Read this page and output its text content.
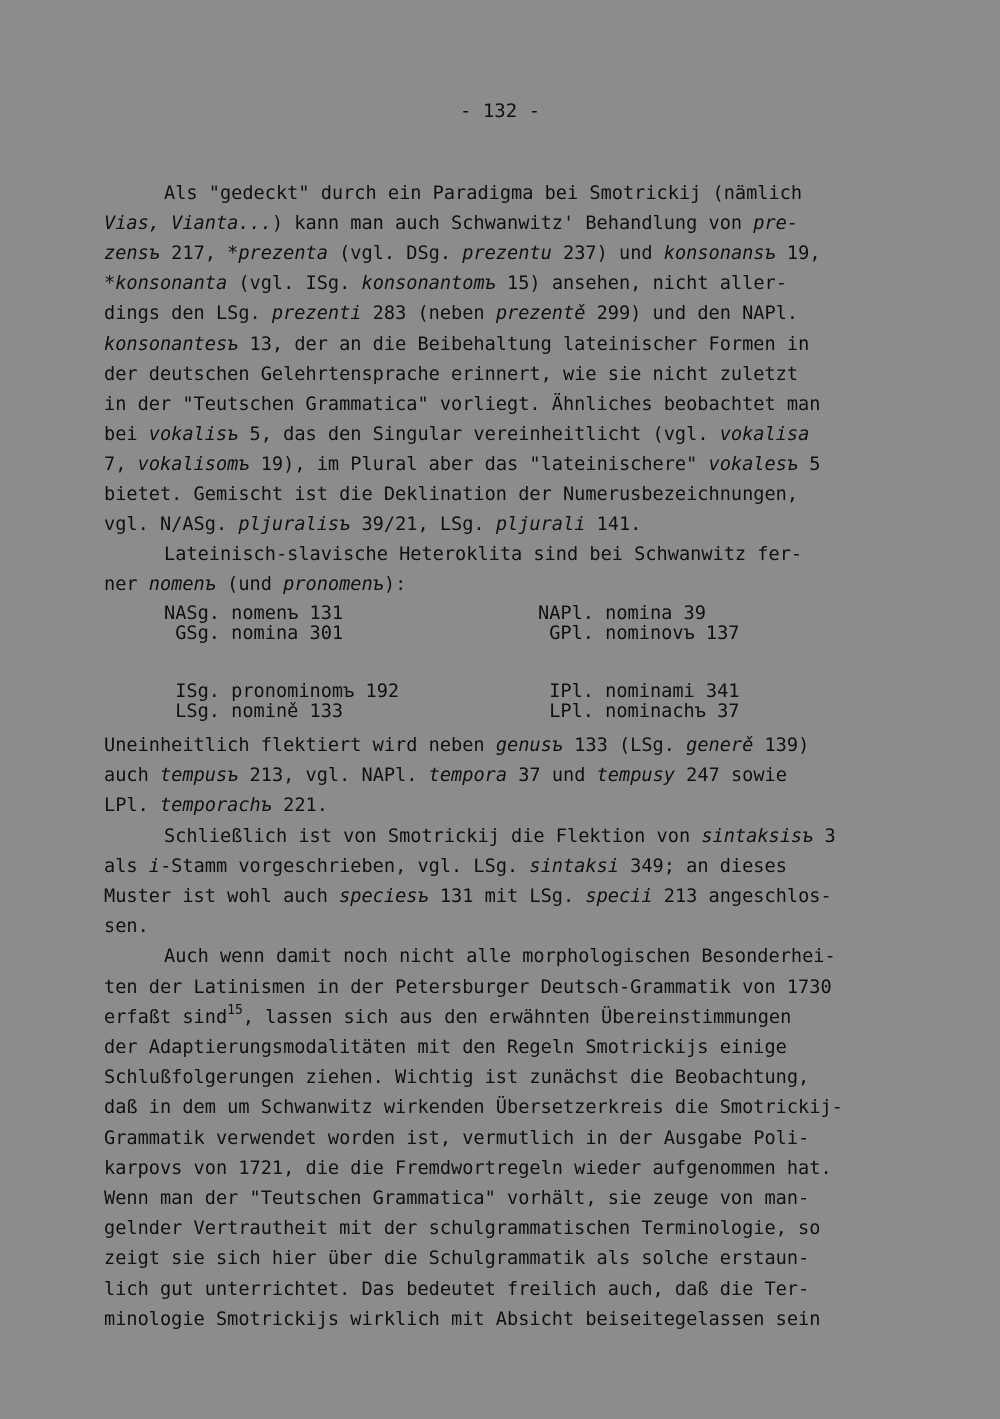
- 132 -
Als "gedeckt" durch ein Paradigma bei Smotrickij (nämlich
Vias, Vianta...) kann man auch Schwanwitz' Behandlung von pre-
zensъ 217, *prezenta (vgl. DSg. prezentu 237) und konsonansъ 19,
*konsonanta (vgl. ISg. konsonantomъ 15) ansehen, nicht aller-
dings den LSg. prezenti 283 (neben prezentě 299) und den NAPl.
konsonantesъ 13, der an die Beibehaltung lateinischer Formen in
der deutschen Gelehrtensprache erinnert, wie sie nicht zuletzt
in der "Teutschen Grammatica" vorliegt. Ähnliches beobachtet man
bei vokalisъ 5, das den Singular vereinheitlicht (vgl. vokalisa
7, vokalisomъ 19), im Plural aber das "lateinischere" vokalesъ 5
bietet. Gemischt ist die Deklination der Numerusbezeichnungen,
vgl. N/ASg. pljuralisъ 39/21, LSg. pljurali 141.
Lateinisch-slavische Heteroklita sind bei Schwanwitz fer-
ner nomenъ (und pronomenъ):
NASg. nomenъ 131
GSg. nomina 301

ISg. pronominomъ 192
LSg. nomině 133
NAPl. nomina 39
GPl. nominovъ 137

IPl. nominami 341
LPl. nominachъ 37
Uneinheitlich flektiert wird neben genusъ 133 (LSg. generě 139)
auch tempusъ 213, vgl. NAPl. tempora 37 und tempusy 247 sowie
LPl. temporachъ 221.
Schließlich ist von Smotrickij die Flektion von sintaksisъ 3
als i-Stamm vorgeschrieben, vgl. LSg. sintaksi 349; an dieses
Muster ist wohl auch speciesъ 131 mit LSg. specii 213 angeschlos-
sen.
Auch wenn damit noch nicht alle morphologischen Besonderhei-
ten der Latinismen in der Petersburger Deutsch-Grammatik von 1730
erfaßt sind$^{15}$, lassen sich aus den erwähnten Übereinstimmungen
der Adaptierungsmodalitäten mit den Regeln Smotrickijs einige
Schlußfolgerungen ziehen. Wichtig ist zunächst die Beobachtung,
daß in dem um Schwanwitz wirkenden Übersetzerkreis die Smotrickij-
Grammatik verwendet worden ist, vermutlich in der Ausgabe Poli-
karpovs von 1721, die die Fremdwortregeln wieder aufgenommen hat.
Wenn man der "Teutschen Grammatica" vorhält, sie zeuge von man-
gelnder Vertrautheit mit der schulgrammatischen Terminologie, so
zeigt sie sich hier über die Schulgrammatik als solche erstaun-
lich gut unterrichtet. Das bedeutet freilich auch, daß die Ter-
minologie Smotrickijs wirklich mit Absicht beiseitegelassen sein
